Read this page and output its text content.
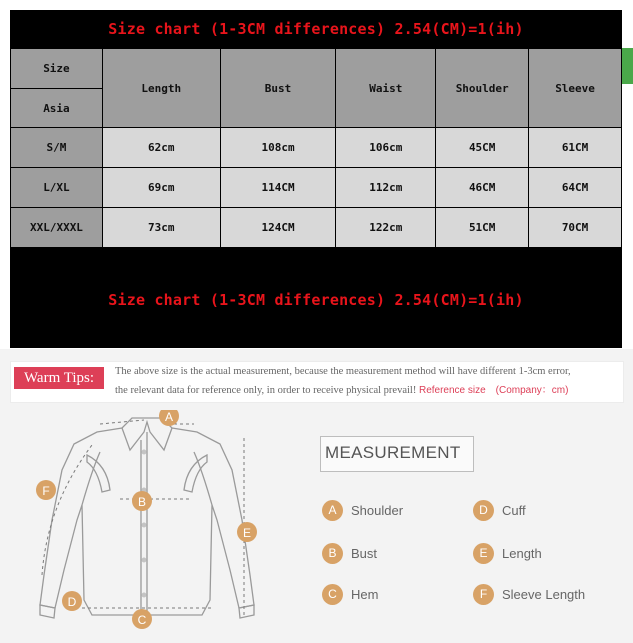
Size chart (1-3CM differences) 2.54(CM)=1(ih)
Size	Length	Bust	Waist	Shoulder	Sleeve
Asia					
S/M	62cm	108cm	106cm	45CM	61CM
L/XL	69cm	114CM	112cm	46CM	64CM
XXL/XXXL	73cm	124CM	122cm	51CM	70CM
Size chart (1-3CM differences) 2.54(CM)=1(ih)
Warm Tips:	The above size is the actual measurement, because the measurement method will have different 1-3cm error,
the relevant data for reference only, in order to receive physical prevail! Reference size　(Company：cm)
A
B
C
D
E
F
MEASUREMENT
A	Shoulder	D	Cuff
B	Bust	E	Length
C	Hem	F	Sleeve Length
